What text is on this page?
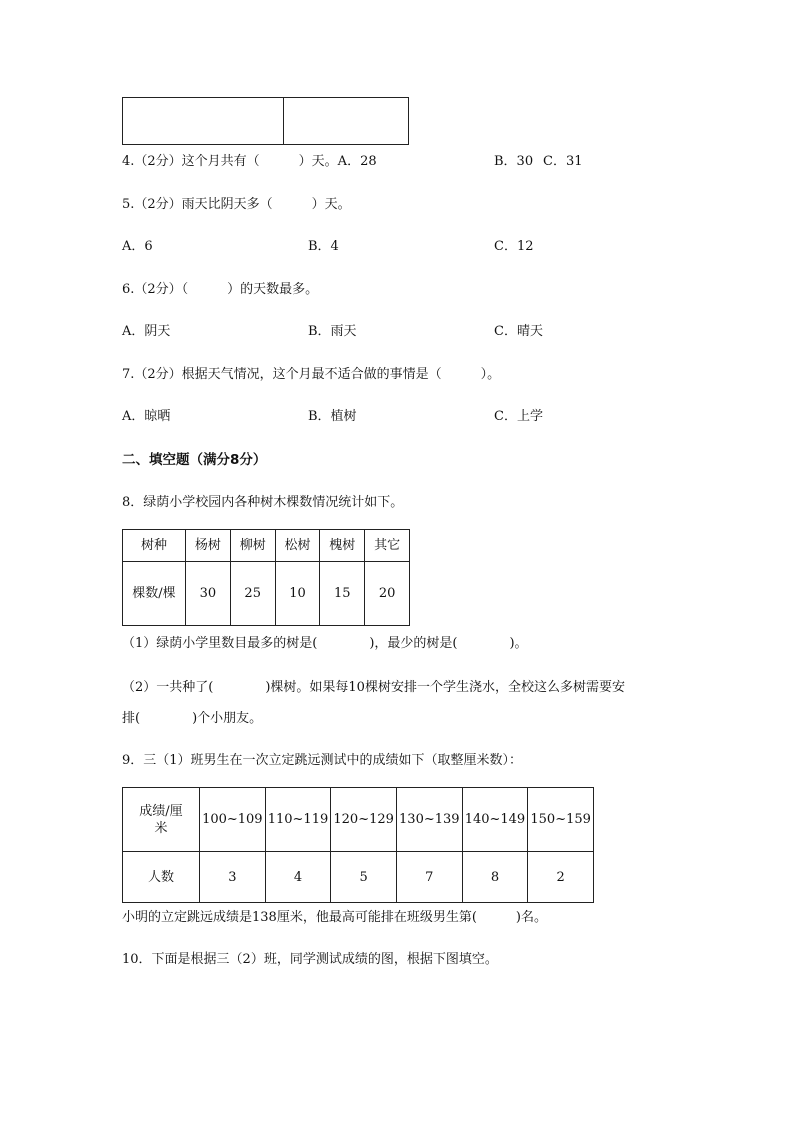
4.（2分）这个月共有（　　　）天。A．28	B．30 C．31
5.（2分）雨天比阴天多（　　　）天。
A．6	B．4	C．12
6.（2分）（　　　）的天数最多。
A．阴天	B．雨天	C．晴天
7.（2分）根据天气情况，这个月最不适合做的事情是（　　　）。
A．晾晒	B．植树	C．上学
二、填空题（满分8分）
8．绿荫小学校园内各种树木棵数情况统计如下。
树种	杨树	柳树	松树	槐树	其它
棵数/棵	30	25	10	15	20
（1）绿荫小学里数目最多的树是(　　　　)，最少的树是(　　　　)。
（2）一共种了(　　　　)棵树。如果每10棵树安排一个学生浇水，全校这么多树需要安
排(　　　　)个小朋友。
9．三（1）班男生在一次立定跳远测试中的成绩如下（取整厘米数）：
成绩/厘
米	100~109	110~119	120~129	130~139	140~149	150~159
人数	3	4	5	7	8	2
小明的立定跳远成绩是138厘米，他最高可能排在班级男生第(　　　)名。
10．下面是根据三（2）班，同学测试成绩的图，根据下图填空。
